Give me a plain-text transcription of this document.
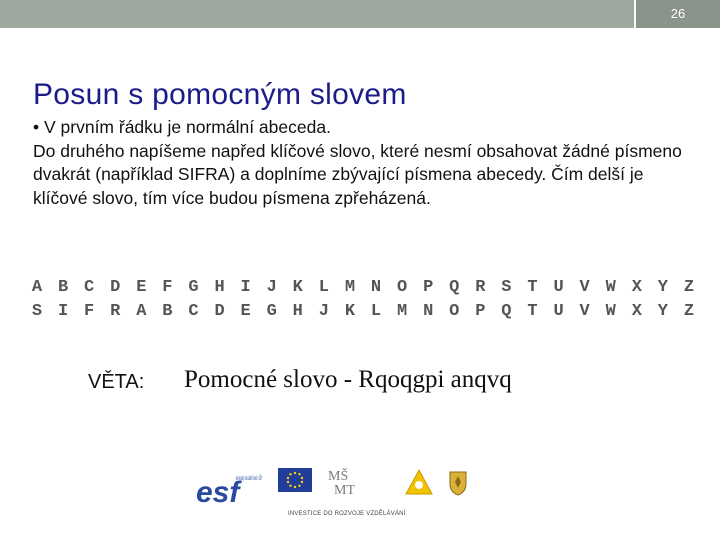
26
Posun s pomocným slovem

• V prvním řádku je normální abeceda.

Do druhého napíšeme napřed klíčové slovo, které nesmí obsahovat žádné písmeno dvakrát (například SIFRA) a doplníme zbývající písmena abecedy. Čím delší je klíčové slovo, tím více budou písmena zpřeházená.

A B C D E F G H I J K L M N O P Q R S T U V W X Y Z
S I F R A B C D E G H J K L M N O P Q T U V W X Y Z
VĚTA: Pomocné slovo - Rqoqgpi anqvq
esf
evropský sociální fond v ČR MŠ
MT
INVESTICE DO ROZVOJE VZDĚLÁVÁNÍ
